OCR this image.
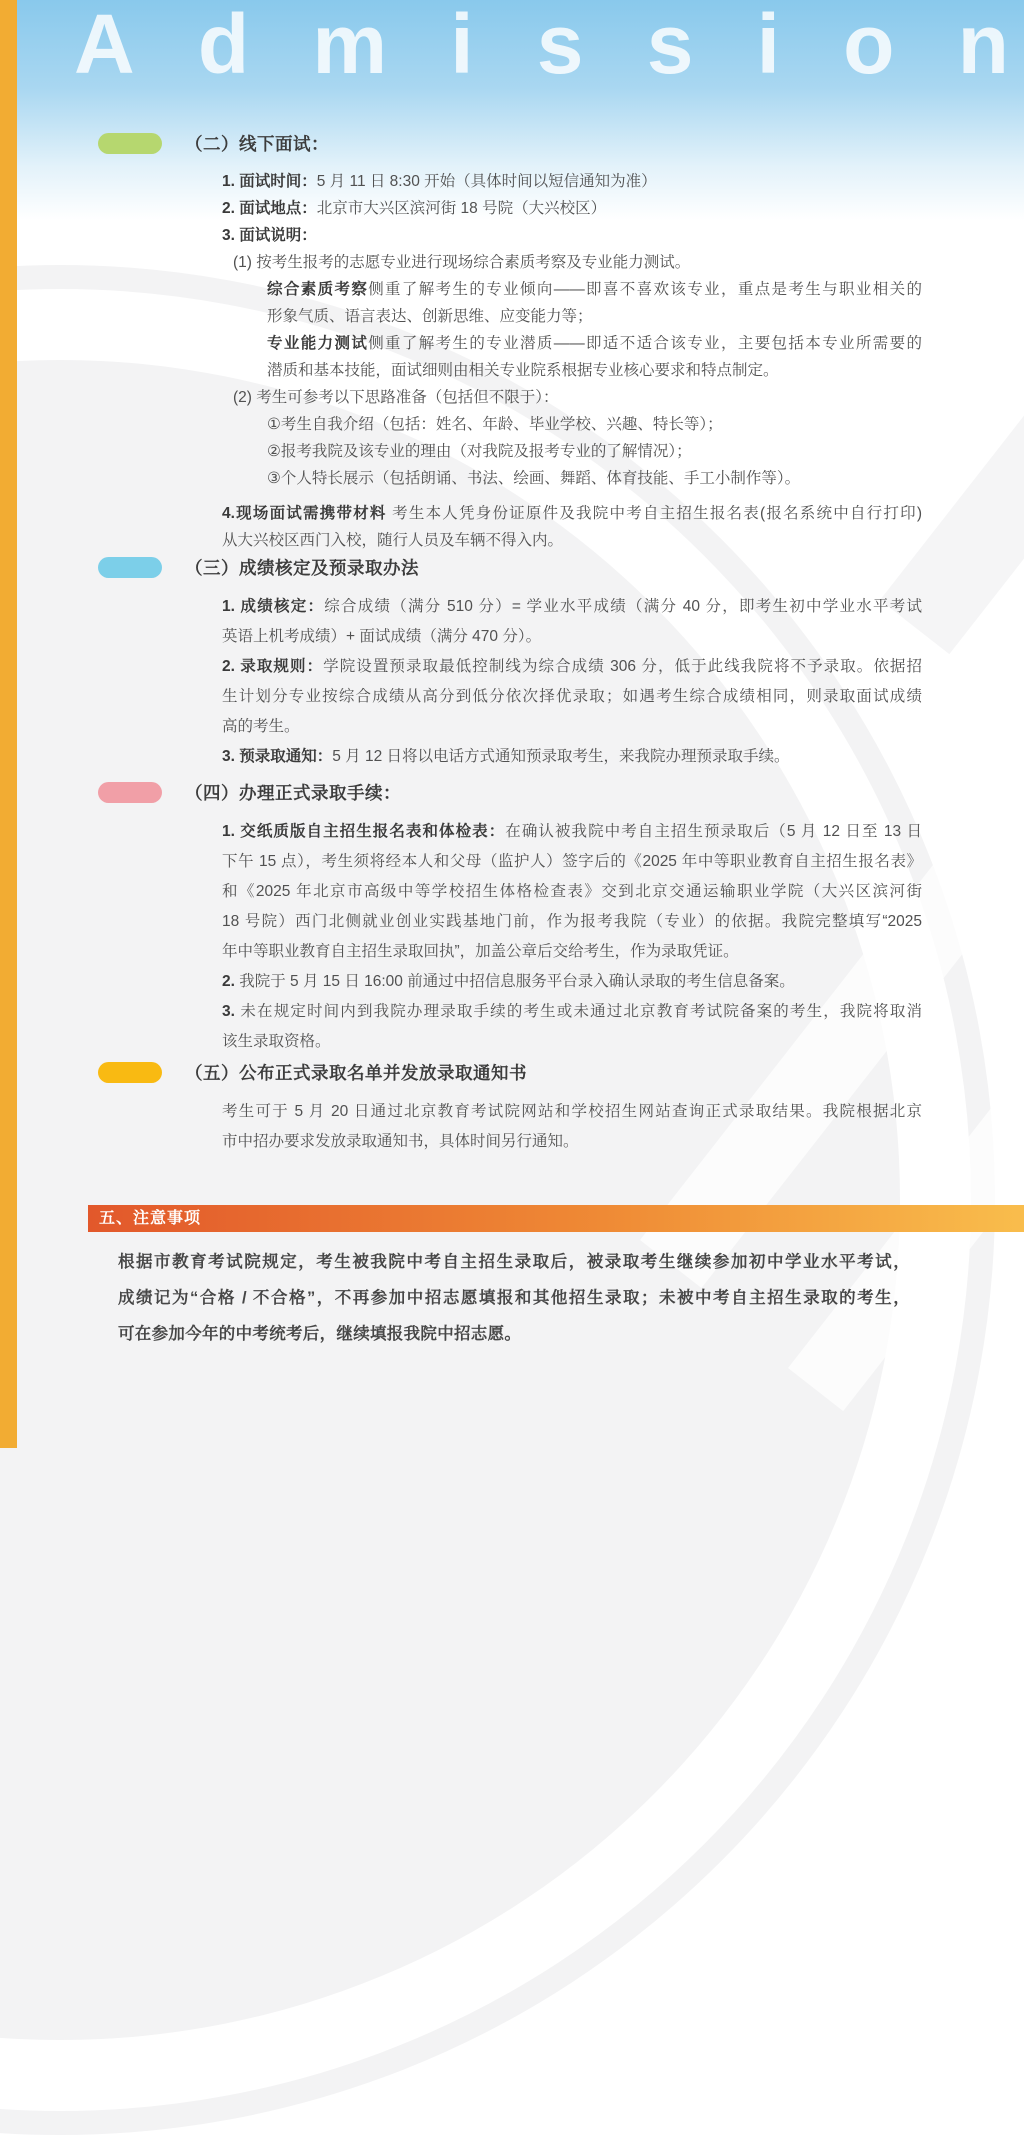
A d m i s s i o n
（二）线下面试：
1. 面试时间：5 月 11 日 8:30 开始（具体时间以短信通知为准）
2. 面试地点：北京市大兴区滨河街 18 号院（大兴校区）
3. 面试说明：
(1) 按考生报考的志愿专业进行现场综合素质考察及专业能力测试。
综合素质考察侧重了解考生的专业倾向——即喜不喜欢该专业，重点是考生与职业相关的
形象气质、语言表达、创新思维、应变能力等；
专业能力测试侧重了解考生的专业潜质——即适不适合该专业，主要包括本专业所需要的
潜质和基本技能，面试细则由相关专业院系根据专业核心要求和特点制定。
(2) 考生可参考以下思路准备（包括但不限于）：
①考生自我介绍（包括：姓名、年龄、毕业学校、兴趣、特长等）；
②报考我院及该专业的理由（对我院及报考专业的了解情况）；
③个人特长展示（包括朗诵、书法、绘画、舞蹈、体育技能、手工小制作等）。
4.现场面试需携带材料 考生本人凭身份证原件及我院中考自主招生报名表(报名系统中自行打印)
从大兴校区西门入校，随行人员及车辆不得入内。
（三）成绩核定及预录取办法
1. 成绩核定：综合成绩（满分 510 分）= 学业水平成绩（满分 40 分，即考生初中学业水平考试
英语上机考成绩）+ 面试成绩（满分 470 分）。
2. 录取规则：学院设置预录取最低控制线为综合成绩 306 分，低于此线我院将不予录取。依据招
生计划分专业按综合成绩从高分到低分依次择优录取；如遇考生综合成绩相同，则录取面试成绩
高的考生。
3. 预录取通知：5 月 12 日将以电话方式通知预录取考生，来我院办理预录取手续。
（四）办理正式录取手续：
1. 交纸质版自主招生报名表和体检表：在确认被我院中考自主招生预录取后（5 月 12 日至 13 日
下午 15 点），考生须将经本人和父母（监护人）签字后的《2025 年中等职业教育自主招生报名表》
和《2025 年北京市高级中等学校招生体格检查表》交到北京交通运输职业学院（大兴区滨河街
18 号院）西门北侧就业创业实践基地门前，作为报考我院（专业）的依据。我院完整填写“2025
年中等职业教育自主招生录取回执”，加盖公章后交给考生，作为录取凭证。
2. 我院于 5 月 15 日 16:00 前通过中招信息服务平台录入确认录取的考生信息备案。
3. 未在规定时间内到我院办理录取手续的考生或未通过北京教育考试院备案的考生，我院将取消
该生录取资格。
（五）公布正式录取名单并发放录取通知书
考生可于 5 月 20 日通过北京教育考试院网站和学校招生网站查询正式录取结果。我院根据北京
市中招办要求发放录取通知书，具体时间另行通知。
五、注意事项
根据市教育考试院规定，考生被我院中考自主招生录取后，被录取考生继续参加初中学业水平考试，
成绩记为“合格 / 不合格”，不再参加中招志愿填报和其他招生录取；未被中考自主招生录取的考生，
可在参加今年的中考统考后，继续填报我院中招志愿。
